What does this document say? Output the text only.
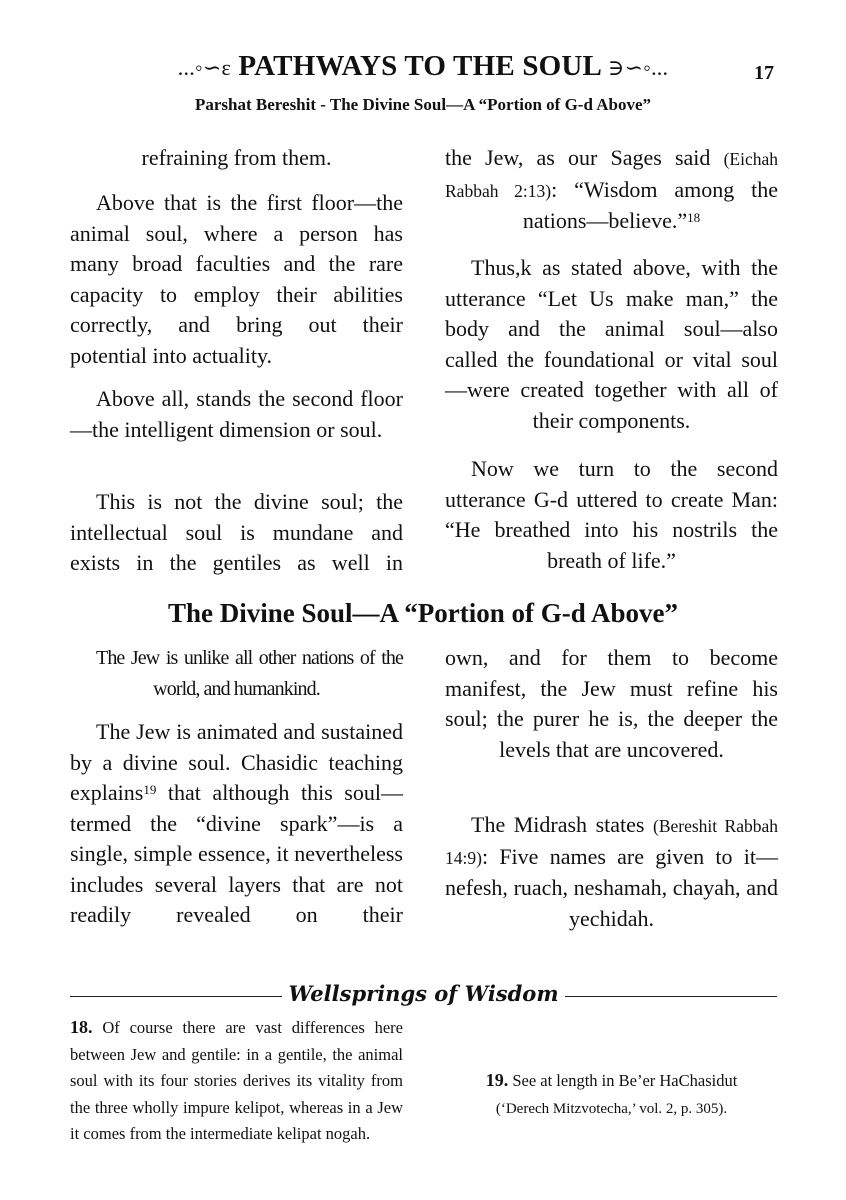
...◦∽ε PATHWAYS TO THE SOUL ∋∽◦...	17
Parshat Bereshit - The Divine Soul—A “Portion of G-d Above”
refraining from them.
Above that is the first floor—the animal soul, where a person has many broad faculties and the rare capacity to employ their abilities correctly, and bring out their potential into actuality.
Above all, stands the second floor—the intelligent dimension or soul.
This is not the divine soul; the intellectual soul is mundane and exists in the gentiles as well in
the Jew, as our Sages said (Eichah Rabbah 2:13): “Wisdom among the nations—believe.”$^{18}$
Thus,k as stated above, with the utterance “Let Us make man,” the body and the animal soul—also called the foundational or vital soul—were created together with all of their components.
Now we turn to the second utterance G-d uttered to create Man: “He breathed into his nostrils the breath of life.”
The Divine Soul—A “Portion of G-d Above”
The Jew is unlike all other nations of the world, and humankind.
The Jew is animated and sustained by a divine soul. Chasidic teaching explains$^{19}$ that although this soul—termed the “divine spark”—is a single, simple essence, it nevertheless includes several layers that are not readily revealed on their
own, and for them to become manifest, the Jew must refine his soul; the purer he is, the deeper the levels that are uncovered.
The Midrash states (Bereshit Rabbah 14:9): Five names are given to it—nefesh, ruach, neshamah, chayah, and yechidah.
Wellsprings of Wisdom
18. Of course there are vast differences here between Jew and gentile: in a gentile, the animal soul with its four stories derives its vitality from the three wholly impure kelipot, whereas in a Jew it comes from the intermediate kelipat nogah.
19. See at length in Be’er HaChasidut
(‘Derech Mitzvotecha,’ vol. 2, p. 305).
